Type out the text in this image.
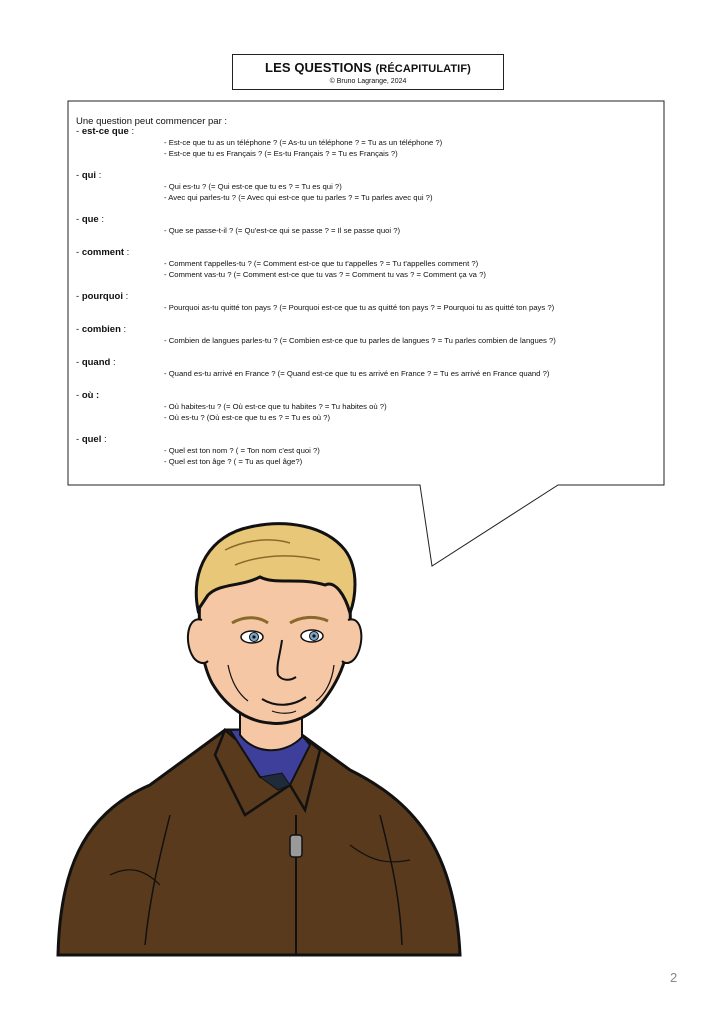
LES QUESTIONS (RÉCAPITULATIF)
© Bruno Lagrange, 2024
Une question peut commencer par :
- est-ce que :
- Est-ce que tu as un téléphone ? (= As-tu un téléphone ? = Tu as un téléphone ?)
- Est-ce que tu es Français ? (= Es-tu Français ? = Tu es Français ?)
- qui :
- Qui es-tu ? (= Qui est-ce que tu es ? = Tu es qui ?)
- Avec qui parles-tu ? (= Avec qui est-ce que tu parles ? = Tu parles avec qui ?)
- que :
- Que se passe-t-il ? (= Qu'est-ce qui se passe ? = Il se passe quoi ?)
- comment :
- Comment t'appelles-tu ? (= Comment est-ce que tu t'appelles ? = Tu t'appelles comment ?)
- Comment vas-tu ? (= Comment est-ce que tu vas ? = Comment tu vas ? = Comment ça va ?)
- pourquoi :
- Pourquoi as-tu quitté ton pays ? (= Pourquoi est-ce que tu as quitté ton pays ? = Pourquoi tu as quitté ton pays ?)
- combien :
- Combien de langues parles-tu ? (= Combien est-ce que tu parles de langues ? = Tu parles combien de langues ?)
- quand :
- Quand es-tu arrivé en France ? (= Quand est-ce que tu es arrivé en France ? = Tu es arrivé en France quand ?)
- où :
- Où habites-tu ? (= Où est-ce que tu habites ? = Tu habites où ?)
- Où es-tu ? (Où est-ce que tu es ? = Tu es où ?)
- quel :
- Quel est ton nom ? ( = Ton nom c'est quoi ?)
- Quel est ton âge ? ( = Tu as quel âge?)
2
